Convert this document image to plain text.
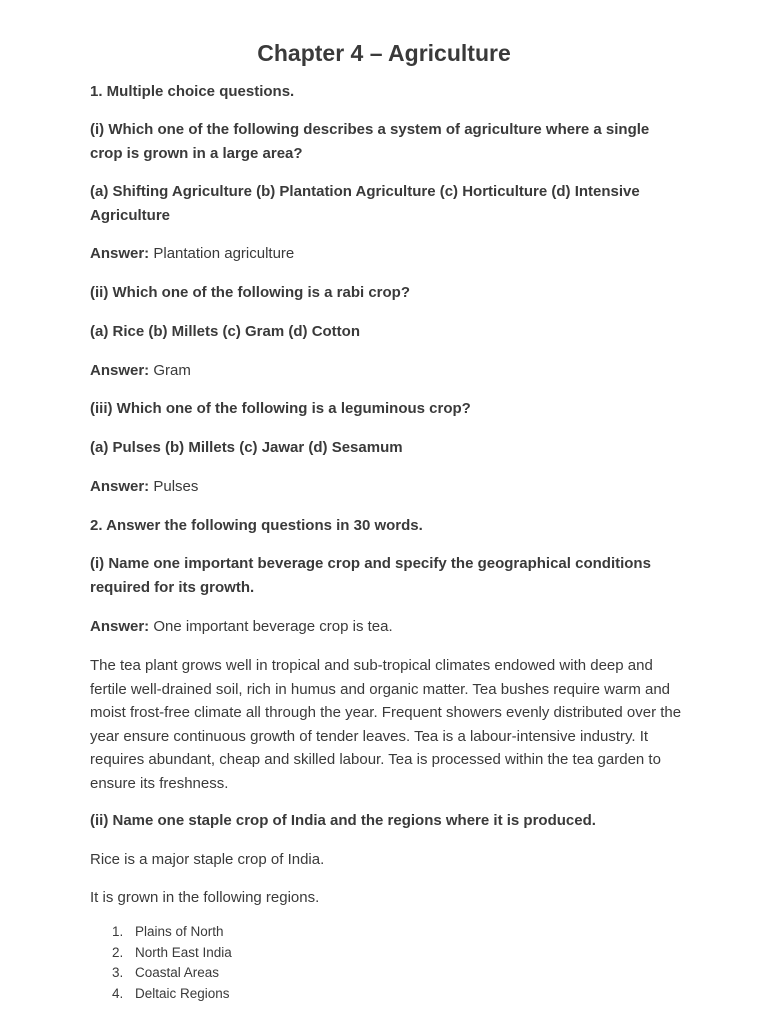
Chapter 4 – Agriculture

1. Multiple choice questions.

(i) Which one of the following describes a system of agriculture where a single crop is grown in a large area?

(a) Shifting Agriculture (b) Plantation Agriculture (c) Horticulture (d) Intensive Agriculture

Answer: Plantation agriculture

(ii) Which one of the following is a rabi crop?

(a) Rice (b) Millets (c) Gram (d) Cotton

Answer: Gram

(iii) Which one of the following is a leguminous crop?

(a) Pulses (b) Millets (c) Jawar (d) Sesamum

Answer: Pulses

2. Answer the following questions in 30 words.

(i) Name one important beverage crop and specify the geographical conditions required for its growth.

Answer: One important beverage crop is tea.

The tea plant grows well in tropical and sub-tropical climates endowed with deep and fertile well-drained soil, rich in humus and organic matter. Tea bushes require warm and moist frost-free climate all through the year. Frequent showers evenly distributed over the year ensure continuous growth of tender leaves. Tea is a labour-intensive industry. It requires abundant, cheap and skilled labour. Tea is processed within the tea garden to ensure its freshness.

(ii) Name one staple crop of India and the regions where it is produced.

Rice is a major staple crop of India.

It is grown in the following regions.

1. Plains of North
2. North East India
3. Coastal Areas
4. Deltaic Regions
